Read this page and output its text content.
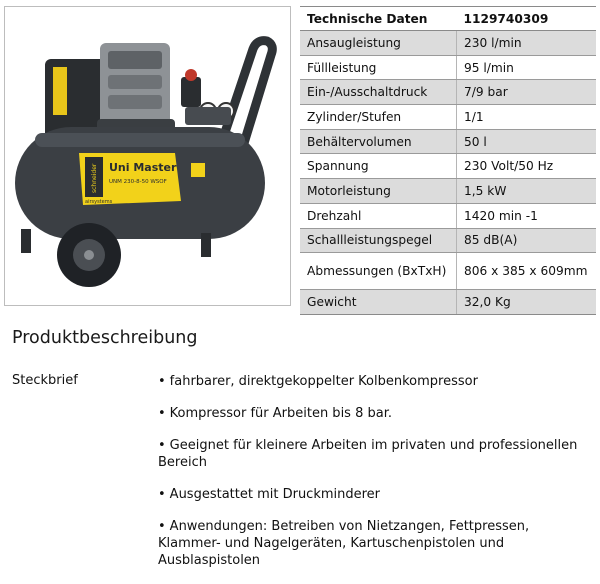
schneider Uni Master
UNM 230-8-50 WSOF
airsystems
Technische Daten	1129740309
Ansaugleistung	230 l/min
Füllleistung	95 l/min
Ein-/Ausschaltdruck	7/9 bar
Zylinder/Stufen	1/1
Behältervolumen	50 l
Spannung	230 Volt/50 Hz
Motorleistung	1,5 kW
Drehzahl	1420 min -1
Schallleistungspegel	85 dB(A)
Abmessungen (BxTxH)	806 x 385 x 609mm
Gewicht	32,0 Kg
Produktbeschreibung
Steckbrief	• fahrbarer, direktgekoppelter Kolbenkompressor
• Kompressor für Arbeiten bis 8 bar.
• Geeignet für kleinere Arbeiten im privaten und professionellen Bereich
• Ausgestattet mit Druckminderer
• Anwendungen: Betreiben von Nietzangen, Fettpressen, Klammer- und Nagelgeräten, Kartuschenpistolen und Ausblaspistolen
